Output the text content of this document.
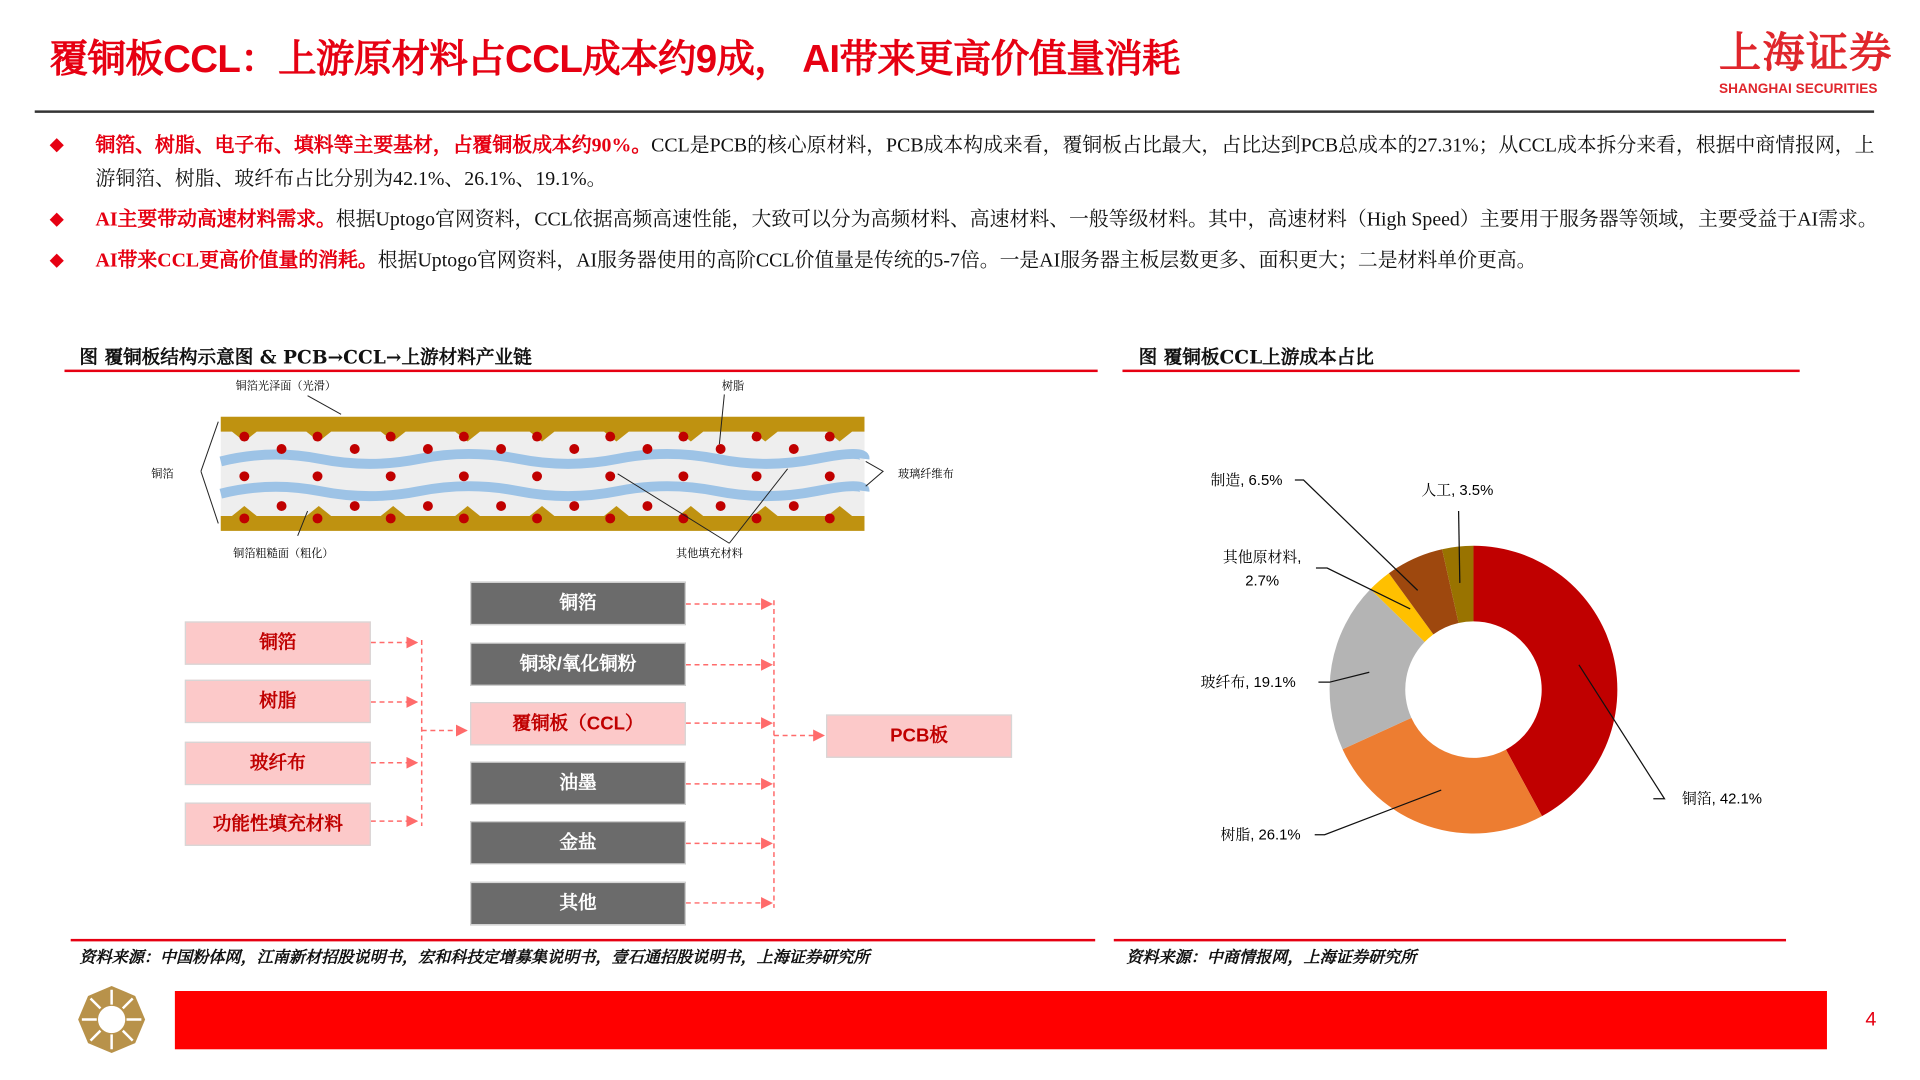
覆铜板CCL：上游原材料占CCL成本约9成， AI带来更高价值量消耗	上海证券
SHANGHAI SECURITIES
◆ 铜箔、树脂、电子布、填料等主要基材，占覆铜板成本约90%。CCL是PCB的核心原材料，PCB成本构成来看，覆铜板占比最大，占比达到PCB总成本的27.31%；从CCL成本拆分来看，根据中商情报网，上游铜箔、树脂、玻纤布占比分别为42.1%、26.1%、19.1%。
◆ AI主要带动高速材料需求。根据Uptogo官网资料，CCL依据高频高速性能，大致可以分为高频材料、高速材料、一般等级材料。其中，高速材料（High Speed）主要用于服务器等领域，主要受益于AI需求。
◆ AI带来CCL更高价值量的消耗。根据Uptogo官网资料，AI服务器使用的高阶CCL价值量是传统的5-7倍。一是AI服务器主板层数更多、面积更大；二是材料单价更高。
图 覆铜板结构示意图 & PCB→CCL→上游材料产业链
铜箔光泽面（光滑）	树脂
铜箔	玻璃纤维布
铜箔粗糙面（粗化）	其他填充材料
铜箔
树脂
玻纤布
功能性填充材料
铜箔
铜球/氧化铜粉
覆铜板（CCL）
油墨
金盐
其他
PCB板
资料来源：中国粉体网，江南新材招股说明书，宏和科技定增募集说明书，壹石通招股说明书，上海证券研究所
图 覆铜板CCL上游成本占比
铜箔, 42.1%
树脂, 26.1%
玻纤布, 19.1%
其他原材料,
2.7%
制造, 6.5%
人工, 3.5%
资料来源：中商情报网，上海证券研究所
4
